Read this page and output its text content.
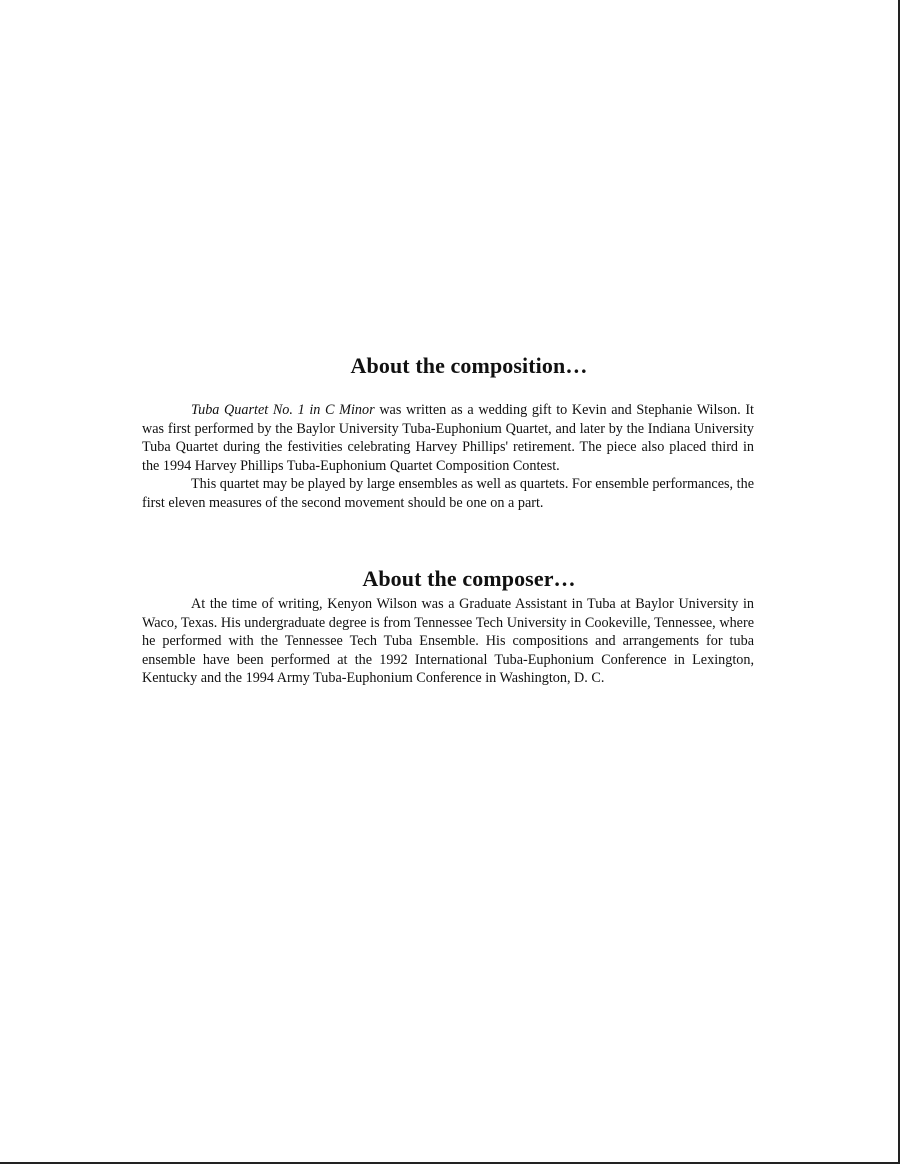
About the composition…

Tuba Quartet No. 1 in C Minor was written as a wedding gift to Kevin and Stephanie Wilson. It was first performed by the Baylor University Tuba-Euphonium Quartet, and later by the Indiana University Tuba Quartet during the festivities celebrating Harvey Phillips' retirement. The piece also placed third in the 1994 Harvey Phillips Tuba-Euphonium Quartet Composition Contest.

This quartet may be played by large ensembles as well as quartets. For ensemble performances, the first eleven measures of the second movement should be one on a part.

About the composer…

At the time of writing, Kenyon Wilson was a Graduate Assistant in Tuba at Baylor University in Waco, Texas. His undergraduate degree is from Tennessee Tech University in Cookeville, Tennessee, where he performed with the Tennessee Tech Tuba Ensemble. His compositions and arrangements for tuba ensemble have been performed at the 1992 International Tuba-Euphonium Conference in Lexington, Kentucky and the 1994 Army Tuba-Euphonium Conference in Washington, D. C.
